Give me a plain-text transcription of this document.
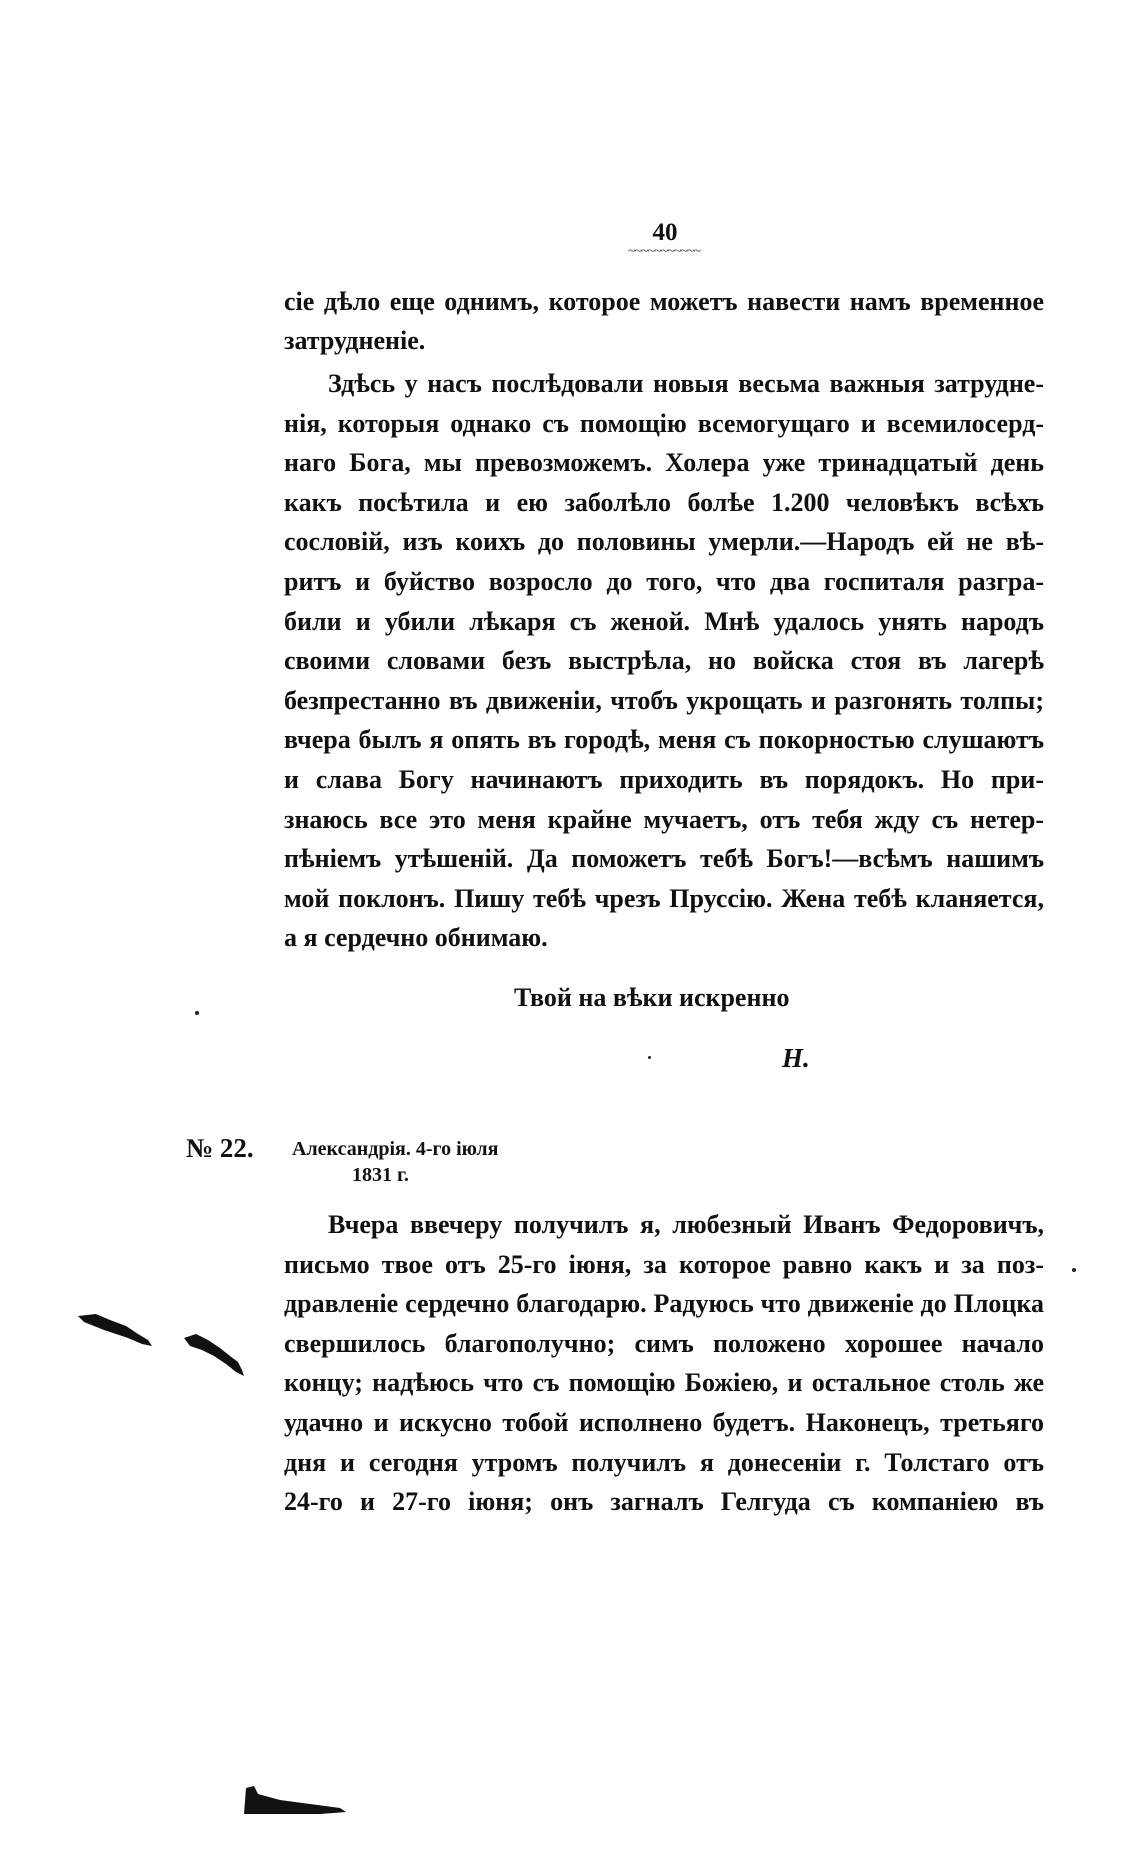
40
~~~~~~~~~~~
сіе дѣло еще однимъ, которое можетъ навести намъ временное
затрудненіе.
Здѣсь у насъ послѣдовали новыя весьма важныя затрудне-
нія, которыя однако съ помощію всемогущаго и всемилосерд-
наго Бога, мы превозможемъ. Холера уже тринадцатый день
какъ посѣтила и ею заболѣло болѣе 1.200 человѣкъ всѣхъ
сословій, изъ коихъ до половины умерли.—Народъ ей не вѣ-
ритъ и буйство возросло до того, что два госпиталя разгра-
били и убили лѣкаря съ женой. Мнѣ удалось унять народъ
своими словами безъ выстрѣла, но войска стоя въ лагерѣ
безпрестанно въ движеніи, чтобъ укрощать и разгонять толпы;
вчера былъ я опять въ городѣ, меня съ покорностью слушаютъ
и слава Богу начинаютъ приходить въ порядокъ. Но при-
знаюсь все это меня крайне мучаетъ, отъ тебя жду съ нетер-
пѣніемъ утѣшеній. Да поможетъ тебѣ Богъ!—всѣмъ нашимъ
мой поклонъ. Пишу тебѣ чрезъ Пруссію. Жена тебѣ кланяется,
а я сердечно обнимаю.
Твой на вѣки искренно
Н.
№ 22. Александрія. 4-го іюля
1831 г.
Вчера ввечеру получилъ я, любезный Иванъ Федоровичъ,
письмо твое отъ 25-го іюня, за которое равно какъ и за поз-
дравленіе сердечно благодарю. Радуюсь что движеніе до Плоцка
свершилось благополучно; симъ положено хорошее начало
концу; надѣюсь что съ помощію Божіею, и остальное столь же
удачно и искусно тобой исполнено будетъ. Наконецъ, третьяго
дня и сегодня утромъ получилъ я донесеніи г. Толстаго отъ
24-го и 27-го іюня; онъ загналъ Гелгуда съ компаніею въ
